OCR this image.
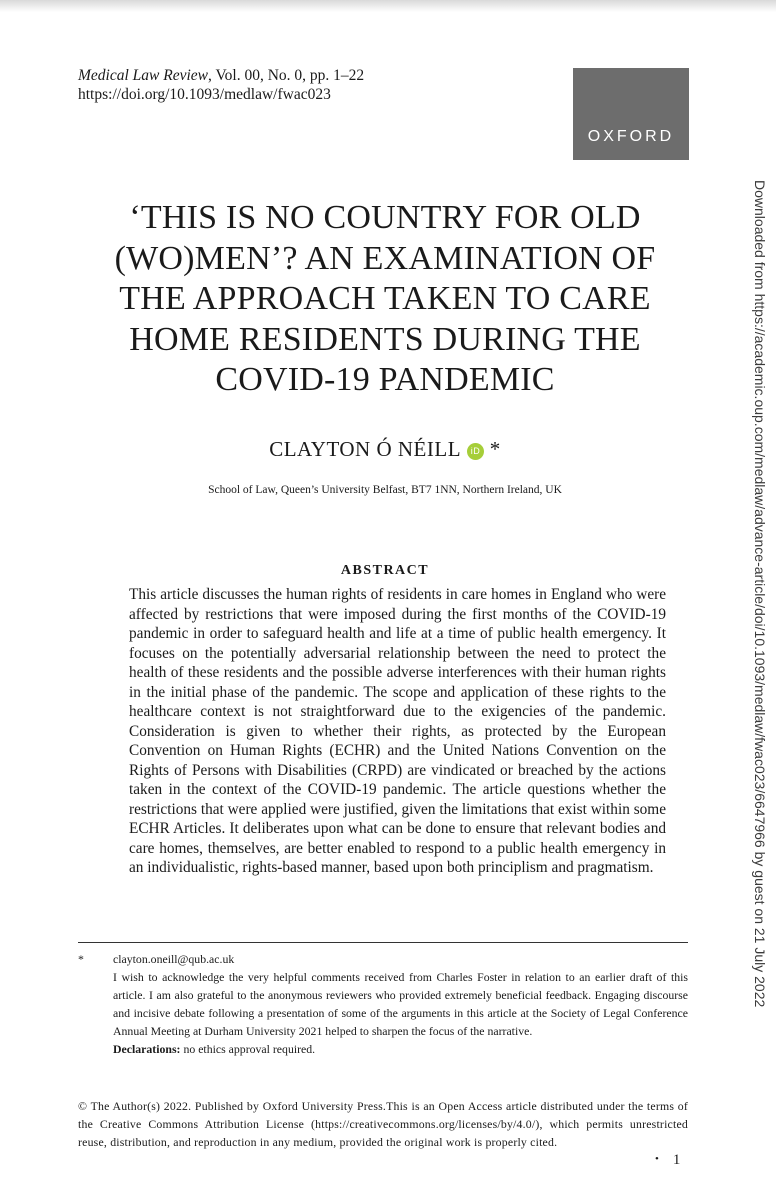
Medical Law Review, Vol. 00, No. 0, pp. 1–22
https://doi.org/10.1093/medlaw/fwac023
OXFORD
Downloaded from https://academic.oup.com/medlaw/advance-article/doi/10.1093/medlaw/fwac023/6647966 by guest on 21 July 2022
‘THIS IS NO COUNTRY FOR OLD
(WO)MEN’? AN EXAMINATION OF
THE APPROACH TAKEN TO CARE
HOME RESIDENTS DURING THE
COVID-19 PANDEMIC
CLAYTON Ó NÉILL iD *
School of Law, Queen’s University Belfast, BT7 1NN, Northern Ireland, UK
ABSTRACT
This article discusses the human rights of residents in care homes in England who were affected by restrictions that were imposed during the first months of the COVID-19 pandemic in order to safeguard health and life at a time of public health emergency. It focuses on the potentially adversarial relationship between the need to protect the health of these residents and the possible adverse interferences with their human rights in the initial phase of the pandemic. The scope and application of these rights to the healthcare context is not straightforward due to the exigencies of the pandemic. Consideration is given to whether their rights, as protected by the European Convention on Human Rights (ECHR) and the United Nations Convention on the Rights of Persons with Disabilities (CRPD) are vindicated or breached by the actions taken in the context of the COVID-19 pandemic. The article questions whether the restrictions that were applied were justified, given the limitations that exist within some ECHR Articles. It deliberates upon what can be done to ensure that relevant bodies and care homes, themselves, are better enabled to respond to a public health emergency in an individualistic, rights-based manner, based upon both principlism and pragmatism.
* clayton.oneill@qub.ac.uk
I wish to acknowledge the very helpful comments received from Charles Foster in relation to an earlier draft of this article. I am also grateful to the anonymous reviewers who provided extremely beneficial feedback. Engaging discourse and incisive debate following a presentation of some of the arguments in this article at the Society of Legal Conference Annual Meeting at Durham University 2021 helped to sharpen the focus of the narrative.
Declarations: no ethics approval required.
© The Author(s) 2022. Published by Oxford University Press.This is an Open Access article distributed under the terms of the Creative Commons Attribution License (https://creativecommons.org/licenses/by/4.0/), which permits unrestricted reuse, distribution, and reproduction in any medium, provided the original work is properly cited.
• 1
